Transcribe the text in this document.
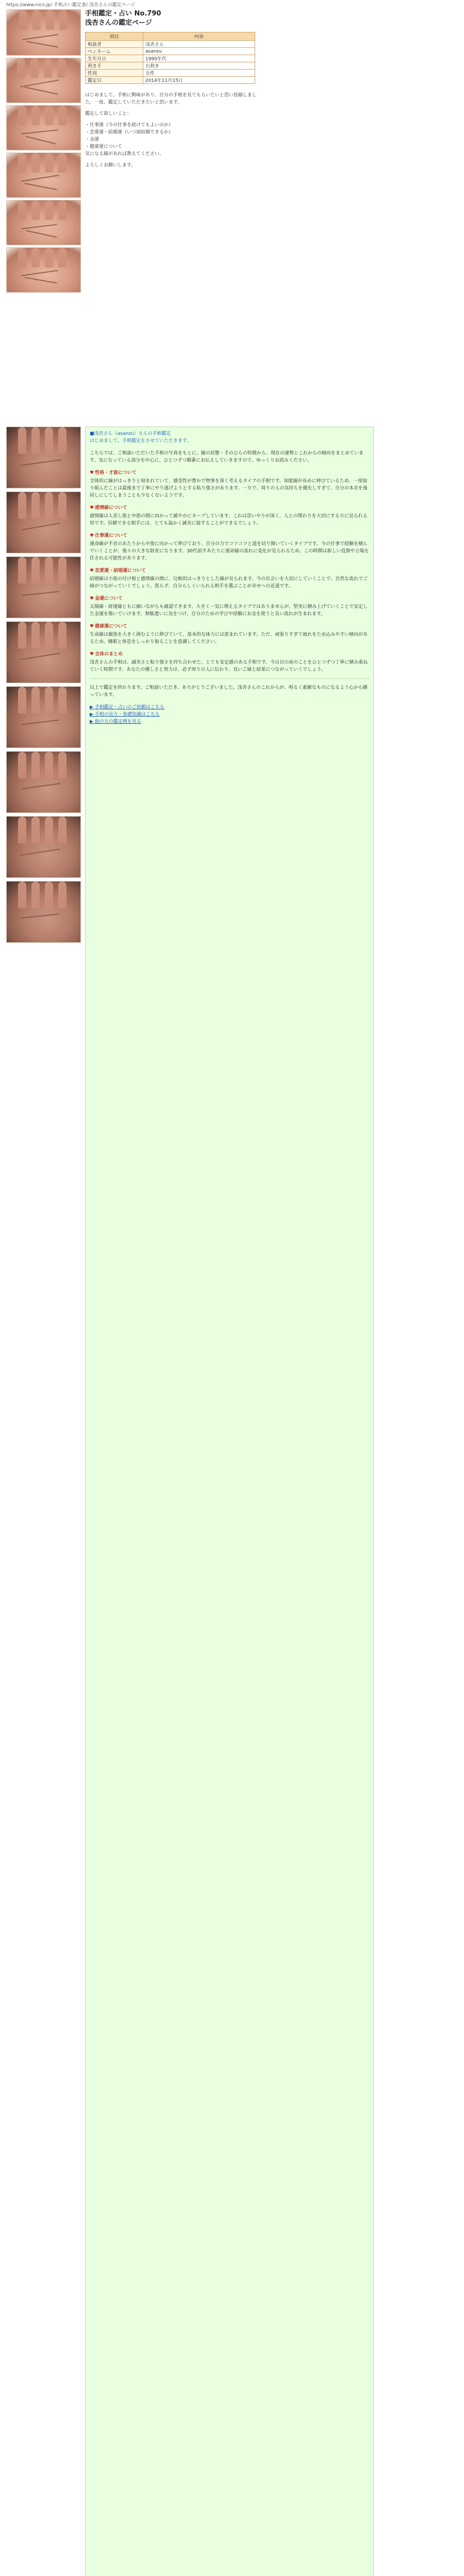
https://www.nico.jp/ 手相占い鑑定書/ 浅杏さんの鑑定ページ
手相鑑定・占い No.790
浅杏さんの鑑定ページ
項目	内容
相談者	浅杏さん
ペンネーム	asanzu
生年月日	1990年代
利き手	右利き
性別	女性
鑑定日	2014年11月15日

はじめまして。手相に興味があり、自分の手相を見てもらいたいと思い投稿しました。一度、鑑定していただきたいと思います。

鑑定して欲しいこと：

・仕事運（今の仕事を続けてもよいのか）
・恋愛運・結婚運（いつ頃結婚できるか）
・金運
・健康運について
気になる線があれば教えてください。

よろしくお願いします。

■浅杏さん（asanzu）さんの手相鑑定
はじめまして。手相鑑定をさせていただきます。

こちらでは、ご相談いただいた手相の写真をもとに、線の状態・手のひらの特徴から、現在の運勢とこれからの傾向をまとめています。気になっている部分を中心に、ひとつずつ順番にお伝えしていきますので、ゆっくりお読みください。

♥ 性格・才能について

全体的に線がはっきりと刻まれていて、感受性が豊かで物事を深く考えるタイプの手相です。知能線が長めに伸びているため、一度取り組んだことは最後まで丁寧にやり遂げようとする粘り強さがあります。一方で、周りの人の気持ちを優先しすぎて、自分の本音を後回しにしてしまうことも少なくないようです。

♥ 感情線について

感情線は人差し指と中指の間に向かって緩やかにカーブしています。これは思いやりが深く、人との関わりを大切にする方に見られる形です。信頼できる相手には、とても温かく誠実に接することができるでしょう。

♥ 仕事運について

運命線が手首のあたりから中指に向かって伸びており、自分の力でコツコツと道を切り開いていくタイプです。今の仕事で経験を積んでいくことが、後々の大きな財産になります。30代前半あたりに運命線の流れに変化が見られるため、この時期は新しい役割や立場を任される可能性があります。

♥ 恋愛運・結婚運について

結婚線は小指の付け根と感情線の間に、比較的はっきりとした線が見られます。今の出会いを大切にしていくことで、自然な流れでご縁がつながっていくでしょう。焦らず、自分らしくいられる相手を選ぶことが幸せへの近道です。

♥ 金運について

太陽線・財運線ともに細いながらも確認できます。大きく一気に増えるタイプではありませんが、堅実に積み上げていくことで安定した金運を築いていけます。無駄遣いに気をつけ、自分のための学びや経験にお金を使うと良い流れが生まれます。

♥ 健康運について

生命線は親指を大きく囲むように伸びていて、基本的な体力には恵まれています。ただ、頑張りすぎて疲れをため込みやすい傾向があるため、睡眠と休息をしっかり取ることを意識してください。

♥ 全体のまとめ

浅杏さんの手相は、誠実さと粘り強さを持ち合わせた、とても安定感のある手相です。今は目の前のことをひとつずつ丁寧に積み重ねていく時期です。あなたの優しさと努力は、必ず周りの人に伝わり、良いご縁と結果につながっていくでしょう。

以上で鑑定を終わります。ご相談いただき、ありがとうございました。浅杏さんのこれからが、明るく素敵なものになるよう心から願っています。

▶ 手相鑑定・占いのご依頼はこちら
▶ 手相の見方・基礎知識はこちら
▶ 他の方の鑑定例を見る
